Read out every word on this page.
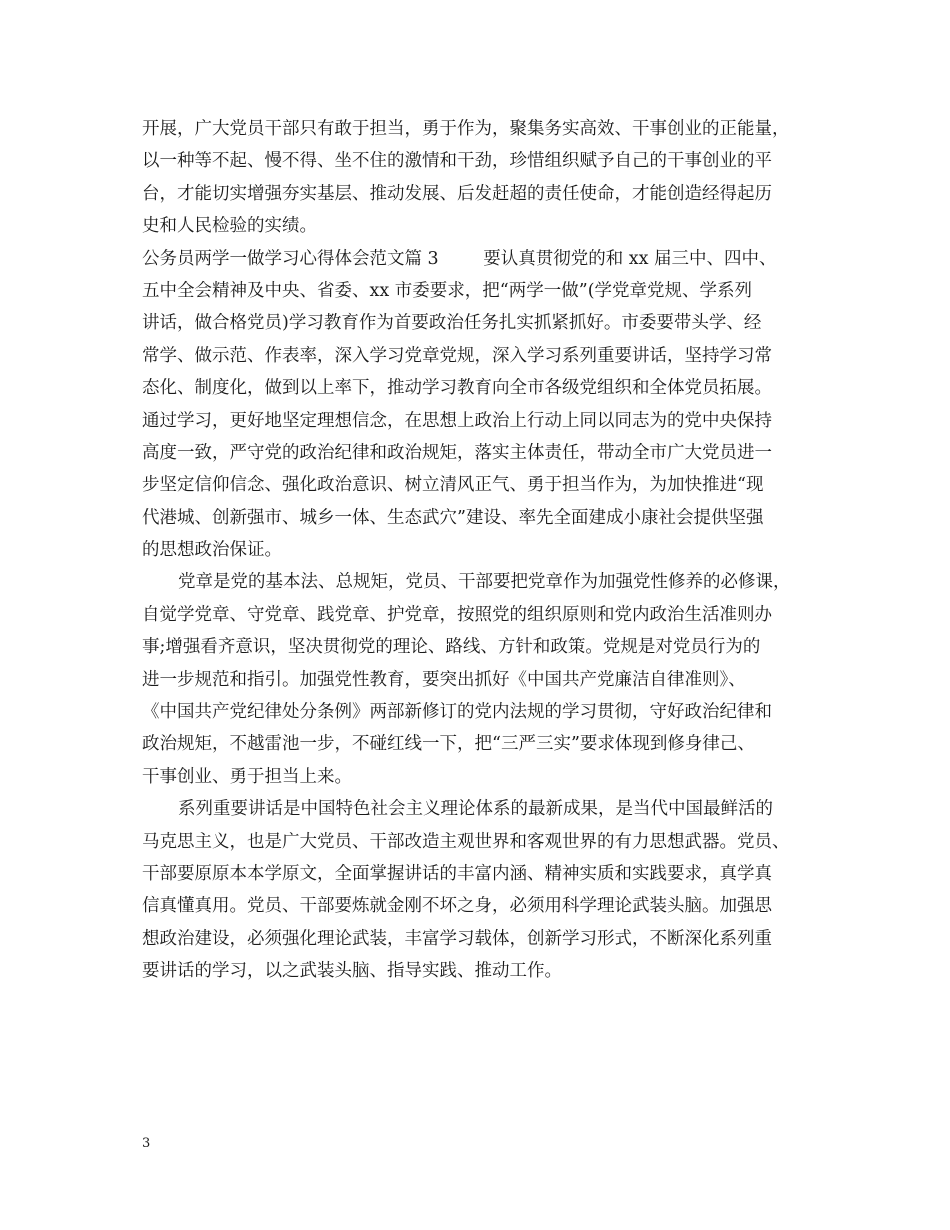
开展，广大党员干部只有敢于担当，勇于作为，聚集务实高效、干事创业的正能量，
以一种等不起、慢不得、坐不住的激情和干劲，珍惜组织赋予自己的干事创业的平
台，才能切实增强夯实基层、推动发展、后发赶超的责任使命，才能创造经得起历
史和人民检验的实绩。
公务员两学一做学习心得体会范文篇 3        要认真贯彻党的和 xx 届三中、四中、
五中全会精神及中央、省委、xx 市委要求，把“两学一做”(学党章党规、学系列
讲话，做合格党员)学习教育作为首要政治任务扎实抓紧抓好。市委要带头学、经
常学、做示范、作表率，深入学习党章党规，深入学习系列重要讲话，坚持学习常
态化、制度化，做到以上率下，推动学习教育向全市各级党组织和全体党员拓展。
通过学习，更好地坚定理想信念，在思想上政治上行动上同以同志为的党中央保持
高度一致，严守党的政治纪律和政治规矩，落实主体责任，带动全市广大党员进一
步坚定信仰信念、强化政治意识、树立清风正气、勇于担当作为，为加快推进“现
代港城、创新强市、城乡一体、生态武穴”建设、率先全面建成小康社会提供坚强
的思想政治保证。
党章是党的基本法、总规矩，党员、干部要把党章作为加强党性修养的必修课，
自觉学党章、守党章、践党章、护党章，按照党的组织原则和党内政治生活准则办
事;增强看齐意识，坚决贯彻党的理论、路线、方针和政策。党规是对党员行为的
进一步规范和指引。加强党性教育，要突出抓好《中国共产党廉洁自律准则》、
《中国共产党纪律处分条例》两部新修订的党内法规的学习贯彻，守好政治纪律和
政治规矩，不越雷池一步，不碰红线一下，把“三严三实”要求体现到修身律己、
干事创业、勇于担当上来。
系列重要讲话是中国特色社会主义理论体系的最新成果，是当代中国最鲜活的
马克思主义，也是广大党员、干部改造主观世界和客观世界的有力思想武器。党员、
干部要原原本本学原文，全面掌握讲话的丰富内涵、精神实质和实践要求，真学真
信真懂真用。党员、干部要炼就金刚不坏之身，必须用科学理论武装头脑。加强思
想政治建设，必须强化理论武装，丰富学习载体，创新学习形式，不断深化系列重
要讲话的学习，以之武装头脑、指导实践、推动工作。
3
